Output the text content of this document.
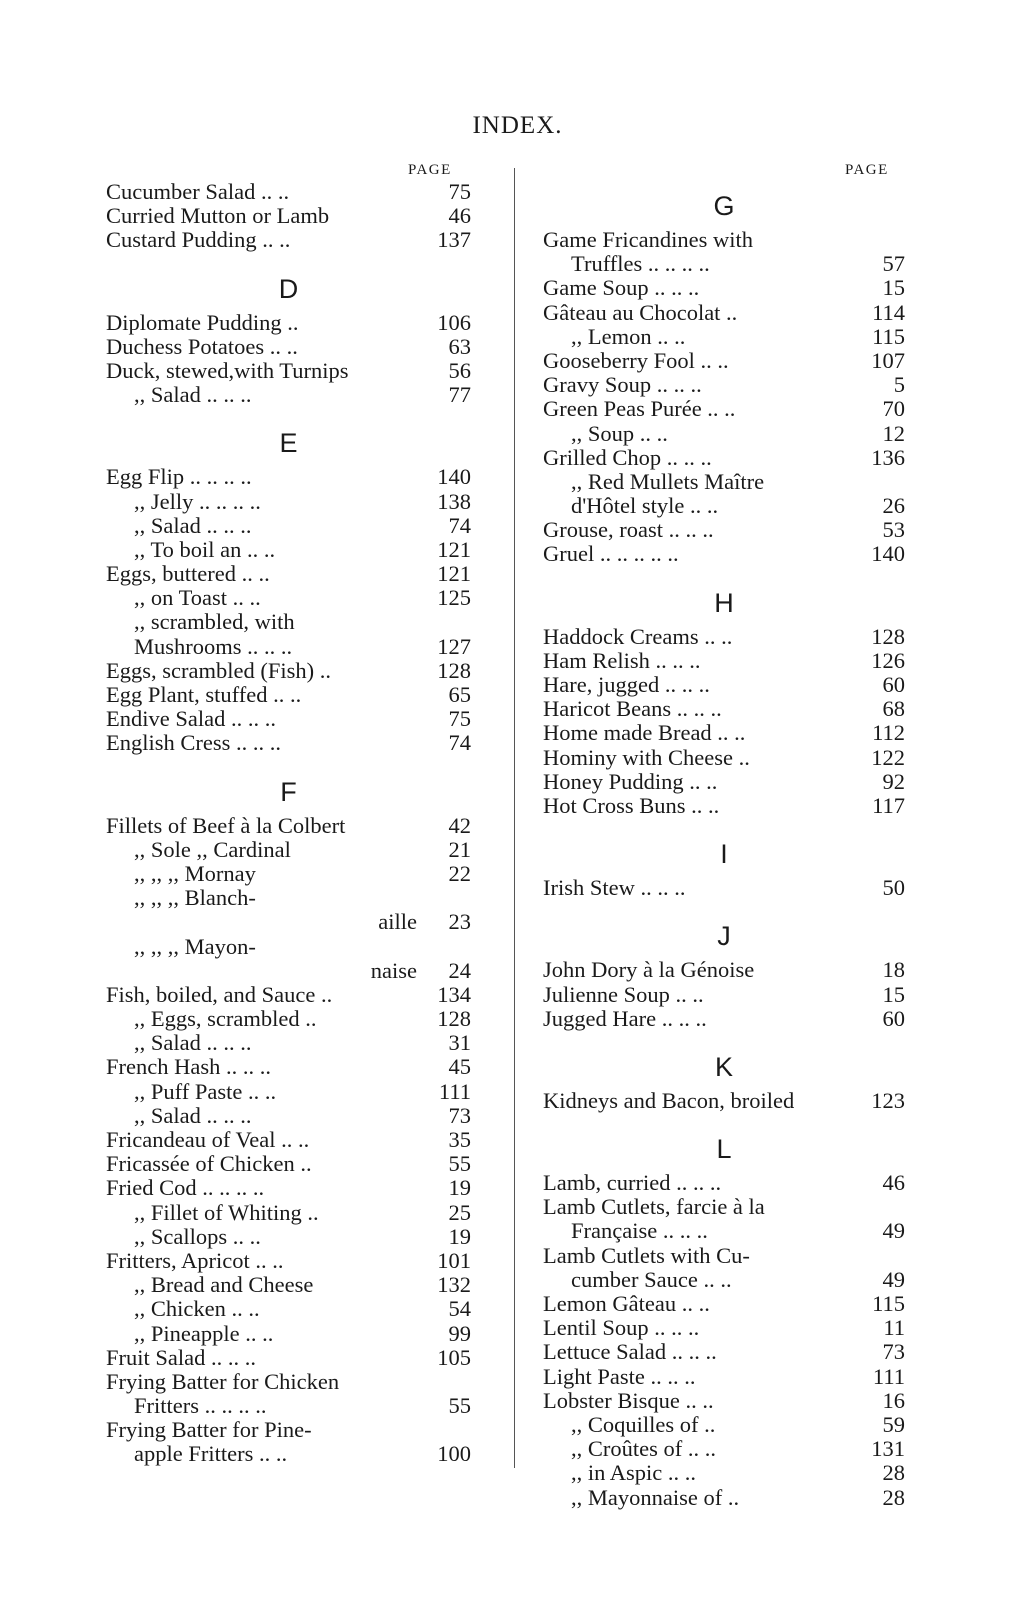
INDEX.
PAGE
Cucumber Salad .. ..	75
Curried Mutton or Lamb	46
Custard Pudding .. ..	137
D
Diplomate Pudding ..	106
Duchess Potatoes .. ..	63
Duck, stewed,with Turnips	56
,, Salad .. .. ..	77
E
Egg Flip .. .. .. ..	140
,, Jelly .. .. .. ..	138
,, Salad .. .. ..	74
,, To boil an .. ..	121
Eggs, buttered .. ..	121
,, on Toast .. ..	125
,, scrambled, with
Mushrooms .. .. ..	127
Eggs, scrambled (Fish) ..	128
Egg Plant, stuffed .. ..	65
Endive Salad .. .. ..	75
English Cress .. .. ..	74
F
Fillets of Beef à la Colbert	42
,, Sole ,, Cardinal	21
,, ,, ,, Mornay	22
,, ,, ,, Blanch-
aille	23
,, ,, ,, Mayon-
naise	24
Fish, boiled, and Sauce ..	134
,, Eggs, scrambled ..	128
,, Salad .. .. ..	31
French Hash .. .. ..	45
,, Puff Paste .. ..	111
,, Salad .. .. ..	73
Fricandeau of Veal .. ..	35
Fricassée of Chicken ..	55
Fried Cod .. .. .. ..	19
,, Fillet of Whiting ..	25
,, Scallops .. ..	19
Fritters, Apricot .. ..	101
,, Bread and Cheese	132
,, Chicken .. ..	54
,, Pineapple .. ..	99
Fruit Salad .. .. ..	105
Frying Batter for Chicken
Fritters .. .. .. ..	55
Frying Batter for Pine-
apple Fritters .. ..	100
PAGE
G
Game Fricandines with
Truffles .. .. .. ..	57
Game Soup .. .. ..	15
Gâteau au Chocolat ..	114
,, Lemon .. ..	115
Gooseberry Fool .. ..	107
Gravy Soup .. .. ..	5
Green Peas Purée .. ..	70
,, Soup .. ..	12
Grilled Chop .. .. ..	136
,, Red Mullets Maître
d'Hôtel style .. ..	26
Grouse, roast .. .. ..	53
Gruel .. .. .. .. ..	140
H
Haddock Creams .. ..	128
Ham Relish .. .. ..	126
Hare, jugged .. .. ..	60
Haricot Beans .. .. ..	68
Home made Bread .. ..	112
Hominy with Cheese ..	122
Honey Pudding .. ..	92
Hot Cross Buns .. ..	117
I
Irish Stew .. .. ..	50
J
John Dory à la Génoise	18
Julienne Soup .. ..	15
Jugged Hare .. .. ..	60
K
Kidneys and Bacon, broiled	123
L
Lamb, curried .. .. ..	46
Lamb Cutlets, farcie à la
Française .. .. ..	49
Lamb Cutlets with Cu-
cumber Sauce .. ..	49
Lemon Gâteau .. ..	115
Lentil Soup .. .. ..	11
Lettuce Salad .. .. ..	73
Light Paste .. .. ..	111
Lobster Bisque .. ..	16
,, Coquilles of ..	59
,, Croûtes of .. ..	131
,, in Aspic .. ..	28
,, Mayonnaise of ..	28
